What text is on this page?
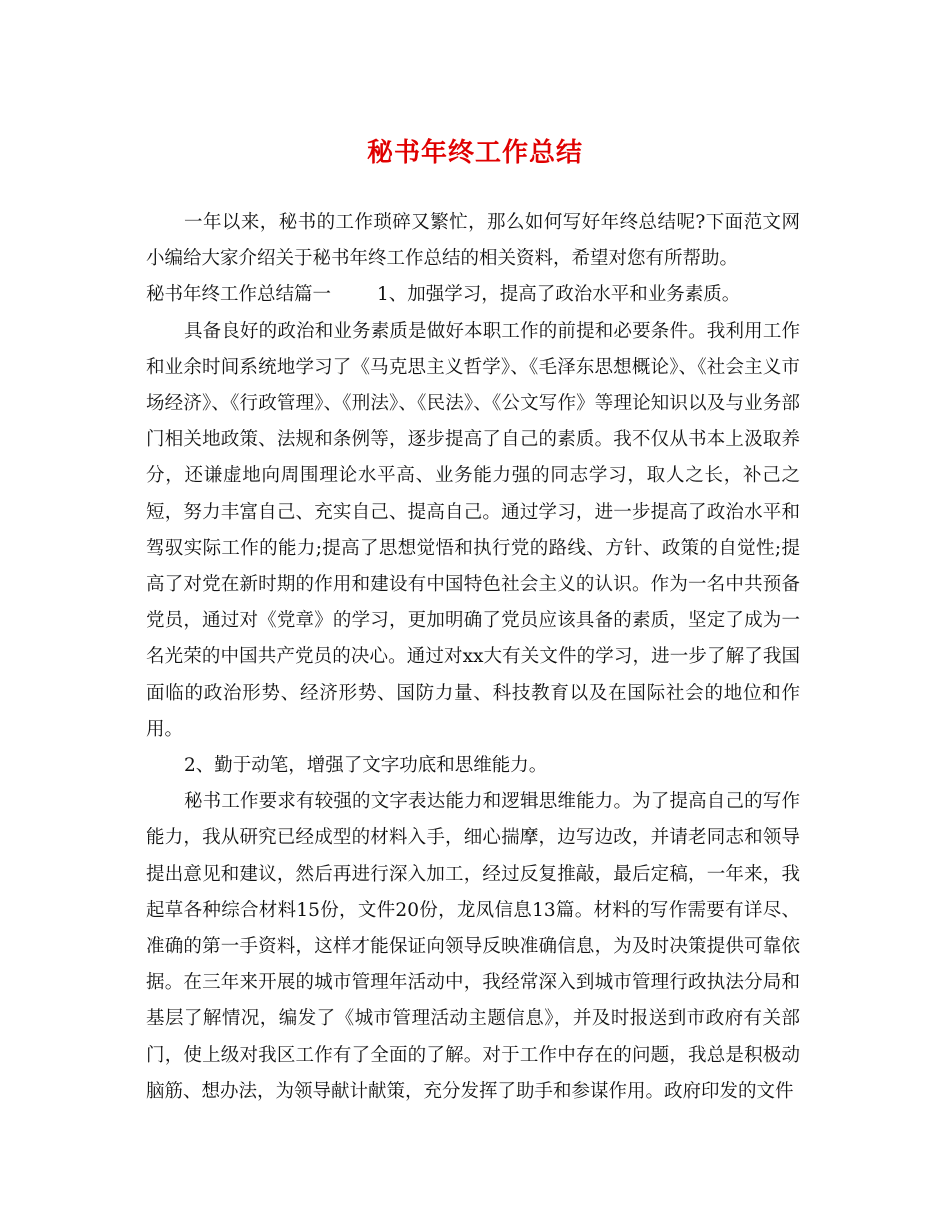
秘书年终工作总结

一年以来，秘书的工作琐碎又繁忙，那么如何写好年终总结呢?下面范文网小编给大家介绍关于秘书年终工作总结的相关资料，希望对您有所帮助。

秘书年终工作总结篇一 1、加强学习，提高了政治水平和业务素质。

具备良好的政治和业务素质是做好本职工作的前提和必要条件。我利用工作和业余时间系统地学习了《马克思主义哲学》、《毛泽东思想概论》、《社会主义市场经济》、《行政管理》、《刑法》、《民法》、《公文写作》等理论知识以及与业务部门相关地政策、法规和条例等，逐步提高了自己的素质。我不仅从书本上汲取养分，还谦虚地向周围理论水平高、业务能力强的同志学习，取人之长，补己之短，努力丰富自己、充实自己、提高自己。通过学习，进一步提高了政治水平和驾驭实际工作的能力;提高了思想觉悟和执行党的路线、方针、政策的自觉性;提高了对党在新时期的作用和建设有中国特色社会主义的认识。作为一名中共预备党员，通过对《党章》的学习，更加明确了党员应该具备的素质，坚定了成为一名光荣的中国共产党员的决心。通过对xx大有关文件的学习，进一步了解了我国面临的政治形势、经济形势、国防力量、科技教育以及在国际社会的地位和作用。

2、勤于动笔，增强了文字功底和思维能力。

秘书工作要求有较强的文字表达能力和逻辑思维能力。为了提高自己的写作能力，我从研究已经成型的材料入手，细心揣摩，边写边改，并请老同志和领导提出意见和建议，然后再进行深入加工，经过反复推敲，最后定稿，一年来，我起草各种综合材料15份，文件20份，龙凤信息13篇。材料的写作需要有详尽、准确的第一手资料，这样才能保证向领导反映准确信息，为及时决策提供可靠依据。在三年来开展的城市管理年活动中，我经常深入到城市管理行政执法分局和基层了解情况，编发了《城市管理活动主题信息》，并及时报送到市政府有关部门，使上级对我区工作有了全面的了解。对于工作中存在的问题，我总是积极动脑筋、想办法，为领导献计献策，充分发挥了助手和参谋作用。政府印发的文件
